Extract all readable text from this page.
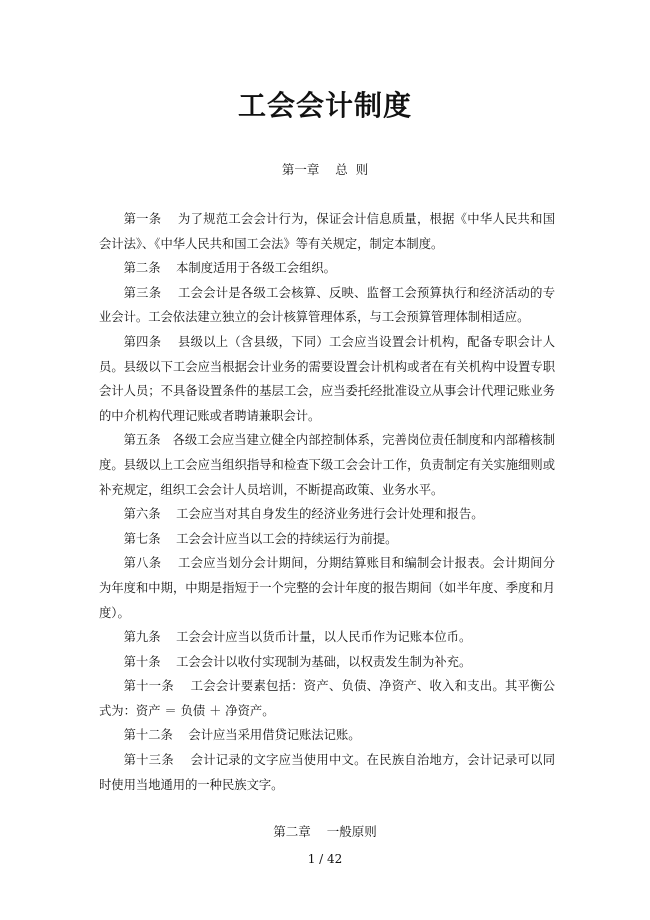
工会会计制度
第一章    总  则

第一条    为了规范工会会计行为，保证会计信息质量，根据《中华人民共和国会计法》、《中华人民共和国工会法》等有关规定，制定本制度。

第二条    本制度适用于各级工会组织。

第三条    工会会计是各级工会核算、反映、监督工会预算执行和经济活动的专业会计。工会依法建立独立的会计核算管理体系，与工会预算管理体制相适应。

第四条    县级以上（含县级，下同）工会应当设置会计机构，配备专职会计人员。县级以下工会应当根据会计业务的需要设置会计机构或者在有关机构中设置专职会计人员；不具备设置条件的基层工会，应当委托经批准设立从事会计代理记账业务的中介机构代理记账或者聘请兼职会计。

第五条   各级工会应当建立健全内部控制体系，完善岗位责任制度和内部稽核制度。县级以上工会应当组织指导和检查下级工会会计工作，负责制定有关实施细则或补充规定，组织工会会计人员培训，不断提高政策、业务水平。

第六条    工会应当对其自身发生的经济业务进行会计处理和报告。

第七条    工会会计应当以工会的持续运行为前提。

第八条    工会应当划分会计期间，分期结算账目和编制会计报表。会计期间分为年度和中期，中期是指短于一个完整的会计年度的报告期间（如半年度、季度和月度）。

第九条    工会会计应当以货币计量，以人民币作为记账本位币。

第十条    工会会计以收付实现制为基础，以权责发生制为补充。

第十一条    工会会计要素包括：资产、负债、净资产、收入和支出。其平衡公式为：资产 ＝ 负债 ＋ 净资产。

第十二条    会计应当采用借贷记账法记账。

第十三条    会计记录的文字应当使用中文。在民族自治地方，会计记录可以同时使用当地通用的一种民族文字。

第二章    一般原则
1 / 42
